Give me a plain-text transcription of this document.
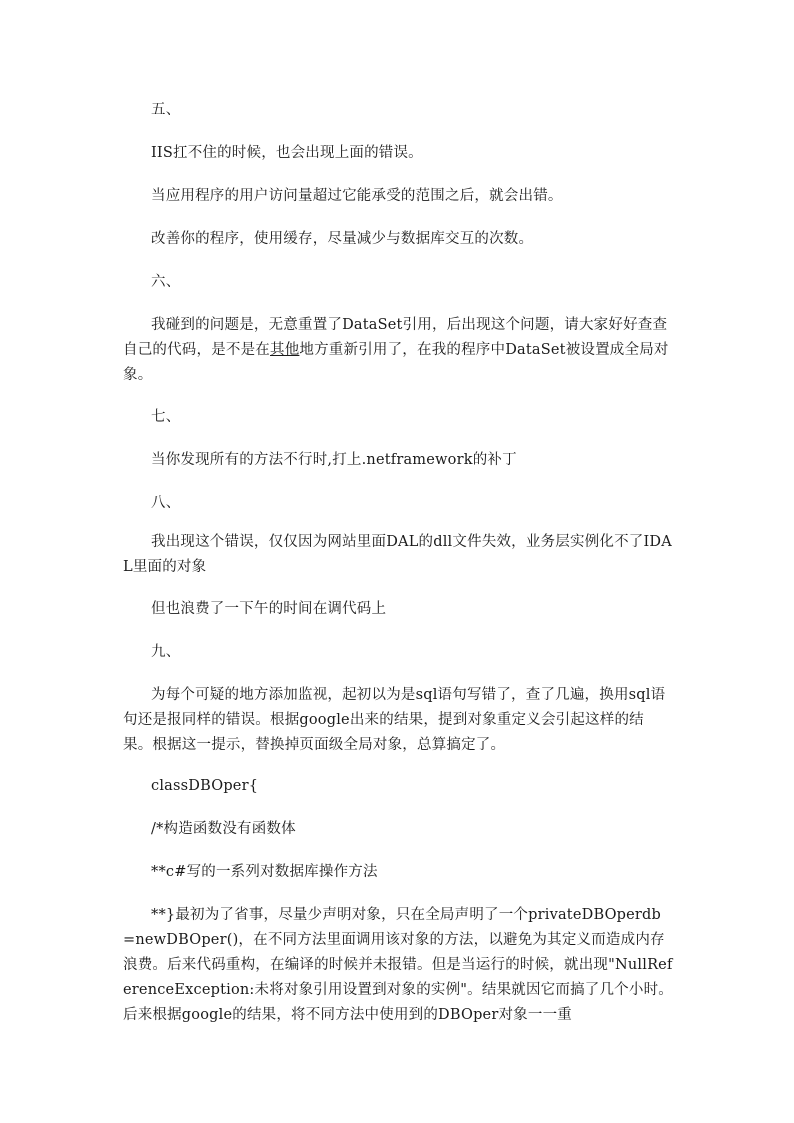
五、

IIS扛不住的时候，也会出现上面的错误。

当应用程序的用户访问量超过它能承受的范围之后，就会出错。

改善你的程序，使用缓存，尽量减少与数据库交互的次数。

六、

我碰到的问题是，无意重置了DataSet引用，后出现这个问题，请大家好好查查自己的代码，是不是在其他地方重新引用了，在我的程序中DataSet被设置成全局对象。

七、

当你发现所有的方法不行时,打上.netframework的补丁

八、

我出现这个错误，仅仅因为网站里面DAL的dll文件失效，业务层实例化不了IDAL里面的对象

但也浪费了一下午的时间在调代码上

九、

为每个可疑的地方添加监视，起初以为是sql语句写错了，查了几遍，换用sql语句还是报同样的错误。根据google出来的结果，提到对象重定义会引起这样的结果。根据这一提示，替换掉页面级全局对象，总算搞定了。

classDBOper{

/*构造函数没有函数体

**c#写的一系列对数据库操作方法

**}最初为了省事，尽量少声明对象，只在全局声明了一个privateDBOperdb=newDBOper()，在不同方法里面调用该对象的方法，以避免为其定义而造成内存浪费。后来代码重构，在编译的时候并未报错。但是当运行的时候，就出现"NullReferenceException:未将对象引用设置到对象的实例"。结果就因它而搞了几个小时。后来根据google的结果，将不同方法中使用到的DBOper对象一一重
